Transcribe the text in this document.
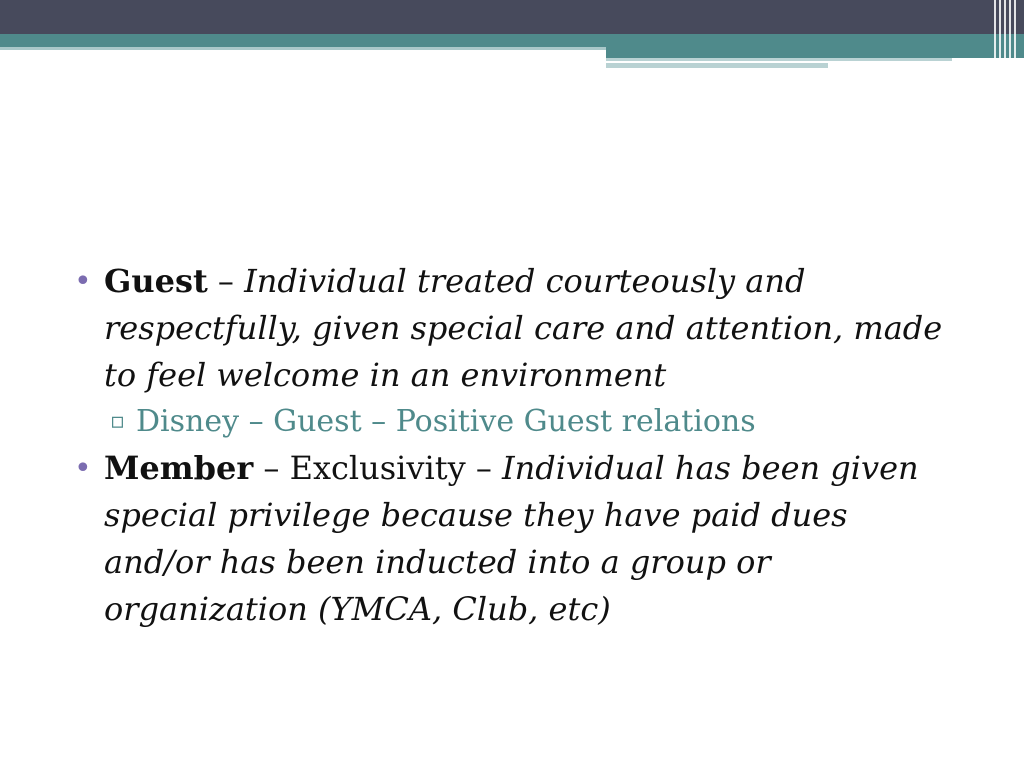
• Guest – Individual treated courteously and respectfully, given special care and attention, made to feel welcome in an environment

▫ Disney – Guest – Positive Guest relations

• Member – Exclusivity – Individual has been given special privilege because they have paid dues and/or has been inducted into a group or organization (YMCA, Club, etc)
